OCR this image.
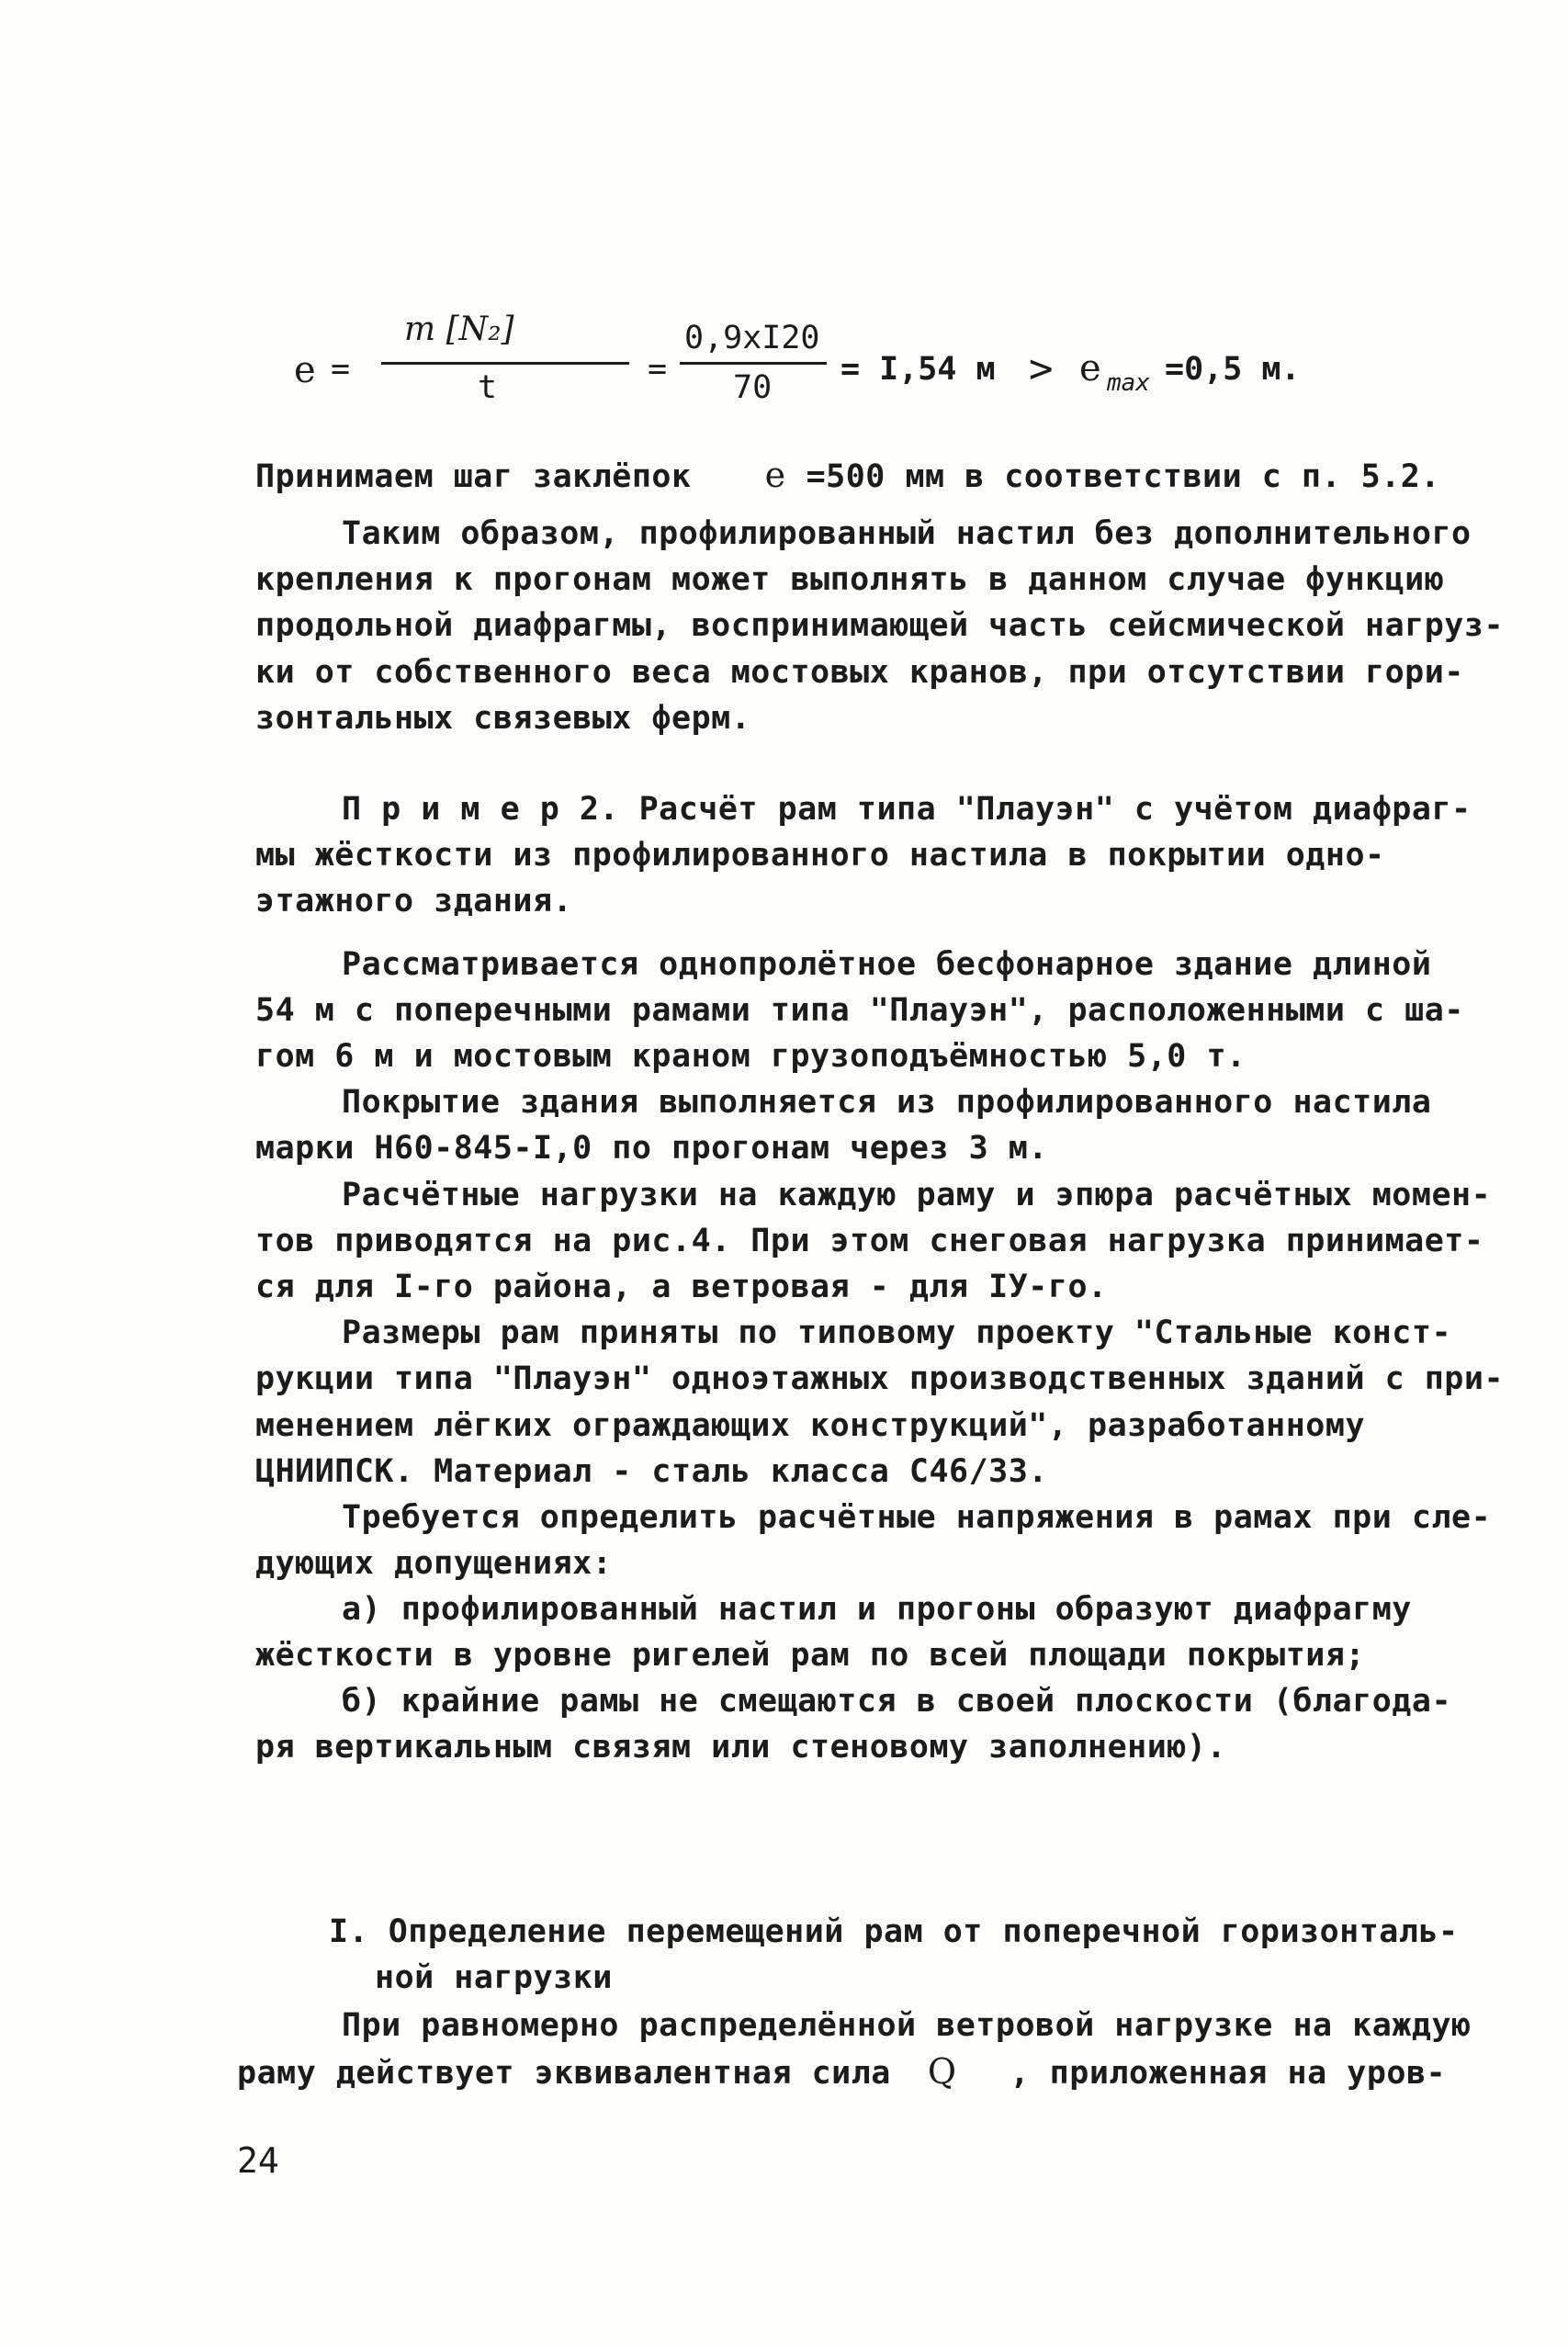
e =
m [N₂]
t	=
0,9xI20
70 = I,54 м > e max =0,5 м.
Принимаем шаг заклёпок e =500 мм в соответствии с п. 5.2.
Таким образом, профилированный настил без дополнительного
крепления к прогонам может выполнять в данном случае функцию
продольной диафрагмы, воспринимающей часть сейсмической нагруз-
ки от собственного веса мостовых кранов, при отсутствии гори-
зонтальных связевых ферм.
П р и м е р 2. Расчёт рам типа "Плауэн" с учётом диафраг-
мы жёсткости из профилированного настила в покрытии одно-
этажного здания.
Рассматривается однопролётное бесфонарное здание длиной
54 м с поперечными рамами типа "Плауэн", расположенными с ша-
гом 6 м и мостовым краном грузоподъёмностью 5,0 т.
Покрытие здания выполняется из профилированного настила
марки Н60-845-I,0 по прогонам через 3 м.
Расчётные нагрузки на каждую раму и эпюра расчётных момен-
тов приводятся на рис.4. При этом снеговая нагрузка принимает-
ся для I-го района, а ветровая - для IУ-го.
Размеры рам приняты по типовому проекту "Стальные конст-
рукции типа "Плауэн" одноэтажных производственных зданий с при-
менением лёгких ограждающих конструкций", разработанному
ЦНИИПСК. Материал - сталь класса С46/33.
Требуется определить расчётные напряжения в рамах при сле-
дующих допущениях:
а) профилированный настил и прогоны образуют диафрагму
жёсткости в уровне ригелей рам по всей площади покрытия;
б) крайние рамы не смещаются в своей плоскости (благода-
ря вертикальным связям или стеновому заполнению).
I. Определение перемещений рам от поперечной горизонталь-
ной нагрузки
При равномерно распределённой ветровой нагрузке на каждую
раму действует эквивалентная сила Q , приложенная на уров-
24
